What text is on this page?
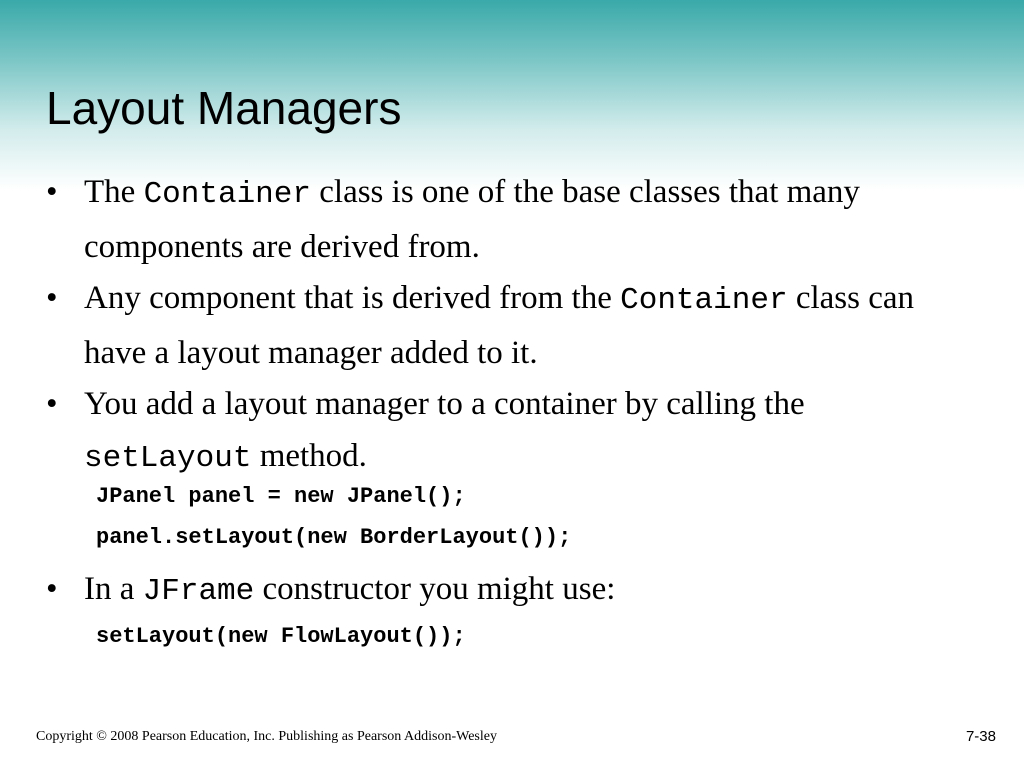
Layout Managers
• The Container class is one of the base classes that many components are derived from.
• Any component that is derived from the Container class can have a layout manager added to it.
• You add a layout manager to a container by calling the setLayout method.
JPanel panel = new JPanel();
panel.setLayout(new BorderLayout());
• In a JFrame constructor you might use:
setLayout(new FlowLayout());
Copyright © 2008 Pearson Education, Inc. Publishing as Pearson Addison-Wesley	7-38
